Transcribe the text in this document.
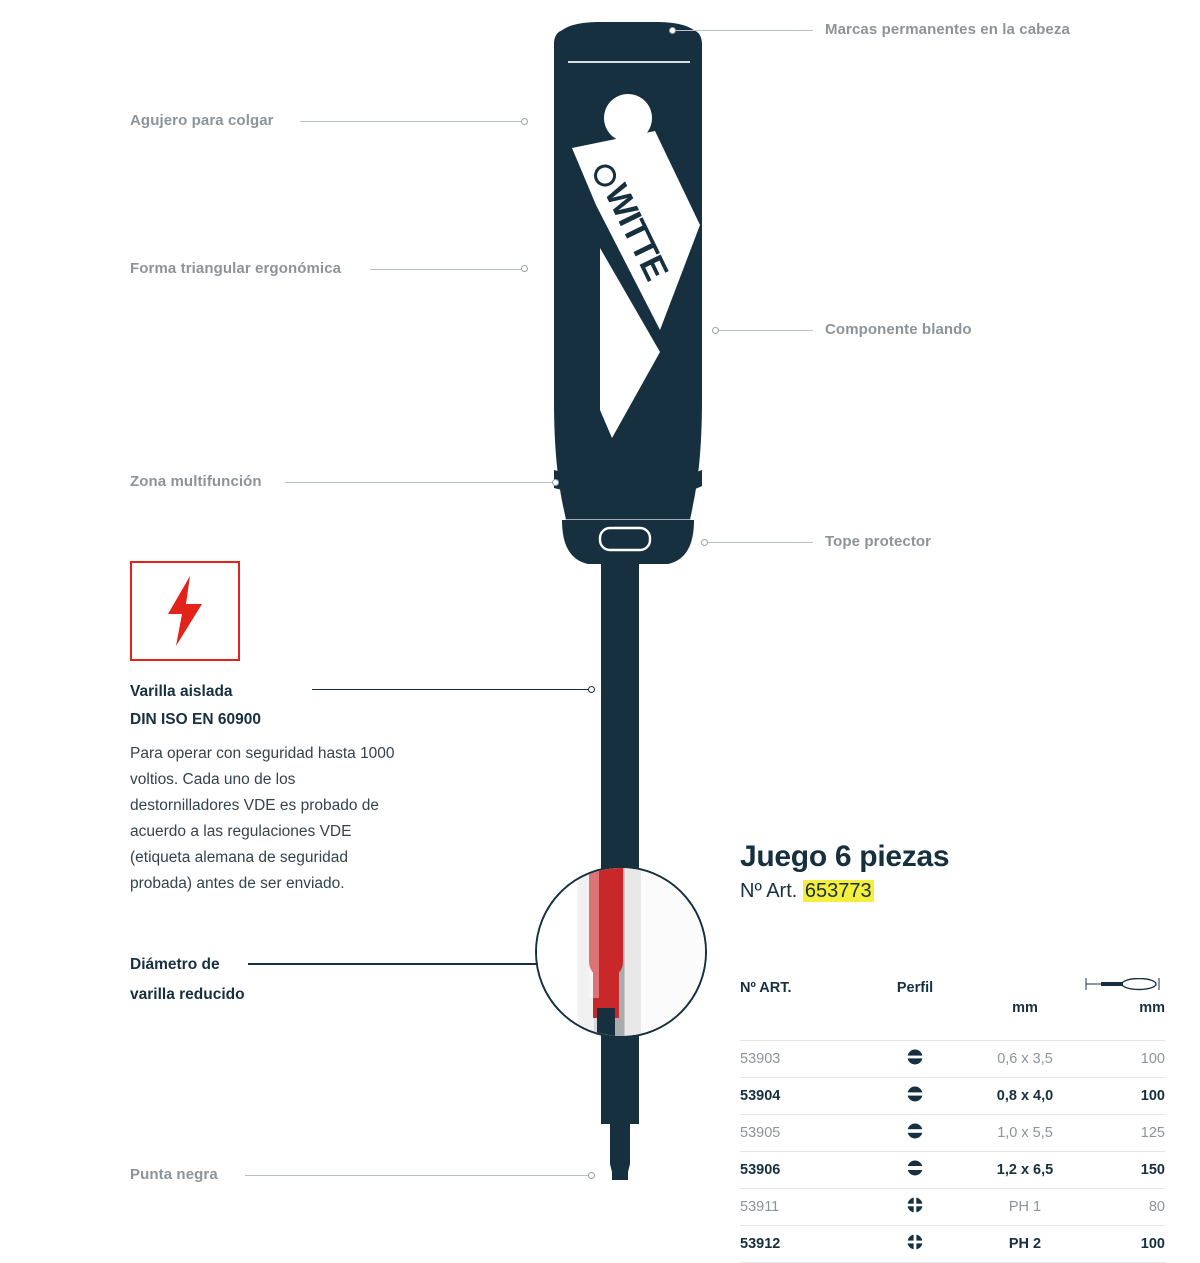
WITTE
Marcas permanentes en la cabeza
Agujero para colgar
Forma triangular ergonómica
Componente blando
Zona multifunción
Tope protector
Punta negra
Varilla aislada
DIN ISO EN 60900
Para operar con seguridad hasta 1000 voltios. Cada uno de los destornilladores VDE es probado de acuerdo a las regulaciones VDE (etiqueta alemana de seguridad probada) antes de ser enviado.
Diámetro de
varilla reducido
Juego 6 piezas
Nº Art. 653773
Nº ART.	Perfil		
		mm	mm

53903		0,6 x 3,5	100
53904		0,8 x 4,0	100
53905		1,0 x 5,5	125
53906		1,2 x 6,5	150
53911		PH 1	80
53912		PH 2	100
